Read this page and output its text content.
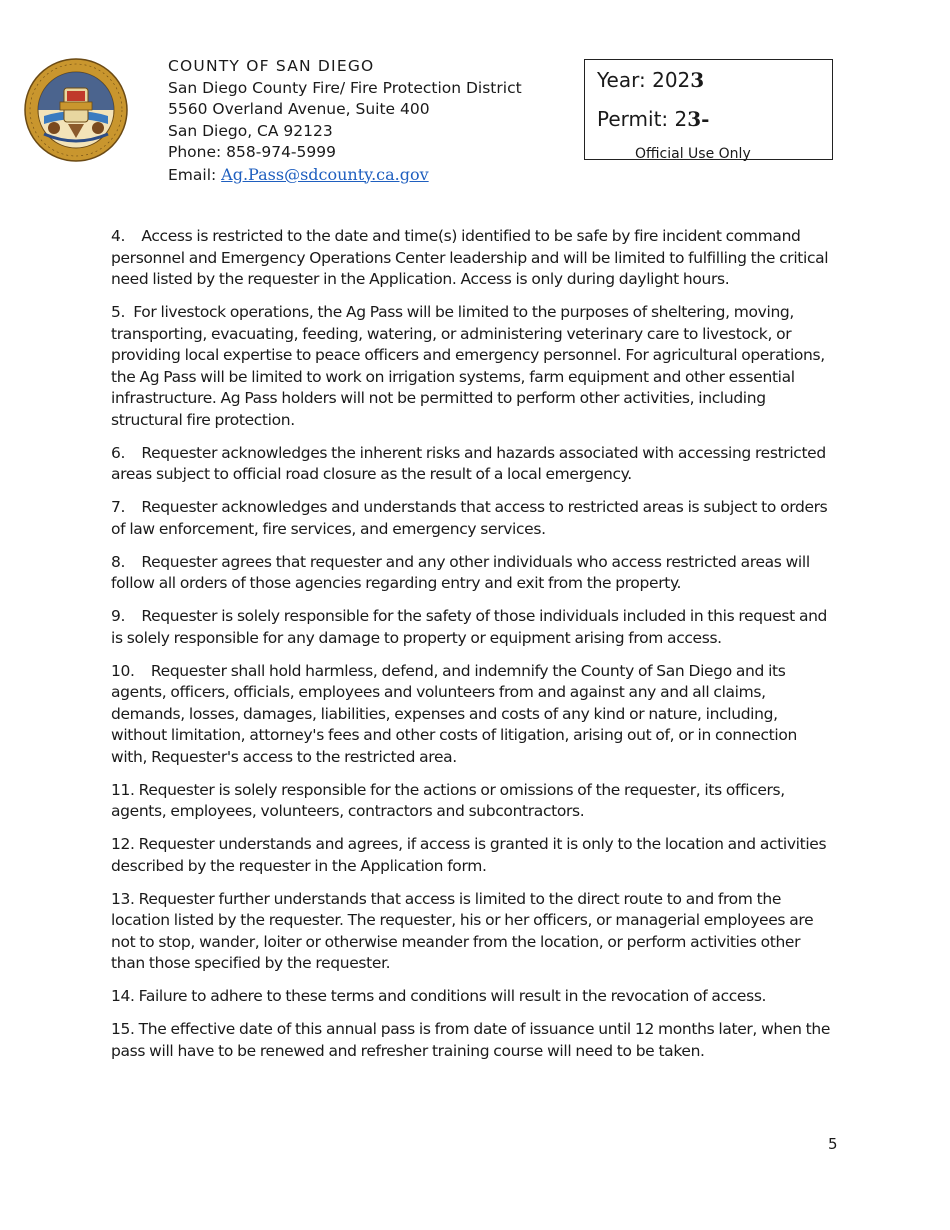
COUNTY OF SAN DIEGO
San Diego County Fire/ Fire Protection District
5560 Overland Avenue, Suite 400
San Diego, CA 92123
Phone: 858-974-5999
Email: Ag.Pass@sdcounty.ca.gov
Year: 2023
Permit: 23-
Official Use Only

4.    Access is restricted to the date and time(s) identified to be safe by fire incident command personnel and Emergency Operations Center leadership and will be limited to fulfilling the critical need listed by the requester in the Application. Access is only during daylight hours.

5.  For livestock operations, the Ag Pass will be limited to the purposes of sheltering, moving, transporting, evacuating, feeding, watering, or administering veterinary care to livestock, or providing local expertise to peace officers and emergency personnel. For agricultural operations, the Ag Pass will be limited to work on irrigation systems, farm equipment and other essential infrastructure. Ag Pass holders will not be permitted to perform other activities, including structural fire protection.

6.    Requester acknowledges the inherent risks and hazards associated with accessing restricted areas subject to official road closure as the result of a local emergency.

7.    Requester acknowledges and understands that access to restricted areas is subject to orders of law enforcement, fire services, and emergency services.

8.    Requester agrees that requester and any other individuals who access restricted areas will follow all orders of those agencies regarding entry and exit from the property.

9.    Requester is solely responsible for the safety of those individuals included in this request and is solely responsible for any damage to property or equipment arising from access.

10.    Requester shall hold harmless, defend, and indemnify the County of San Diego and its agents, officers, officials, employees and volunteers from and against any and all claims, demands, losses, damages, liabilities, expenses and costs of any kind or nature, including, without limitation, attorney's fees and other costs of litigation, arising out of, or in connection with, Requester's access to the restricted area.

11. Requester is solely responsible for the actions or omissions of the requester, its officers, agents, employees, volunteers, contractors and subcontractors.

12. Requester understands and agrees, if access is granted it is only to the location and activities described by the requester in the Application form.

13. Requester further understands that access is limited to the direct route to and from the location listed by the requester. The requester, his or her officers, or managerial employees are not to stop, wander, loiter or otherwise meander from the location, or perform activities other than those specified by the requester.

14. Failure to adhere to these terms and conditions will result in the revocation of access.

15. The effective date of this annual pass is from date of issuance until 12 months later, when the pass will have to be renewed and refresher training course will need to be taken.

5
